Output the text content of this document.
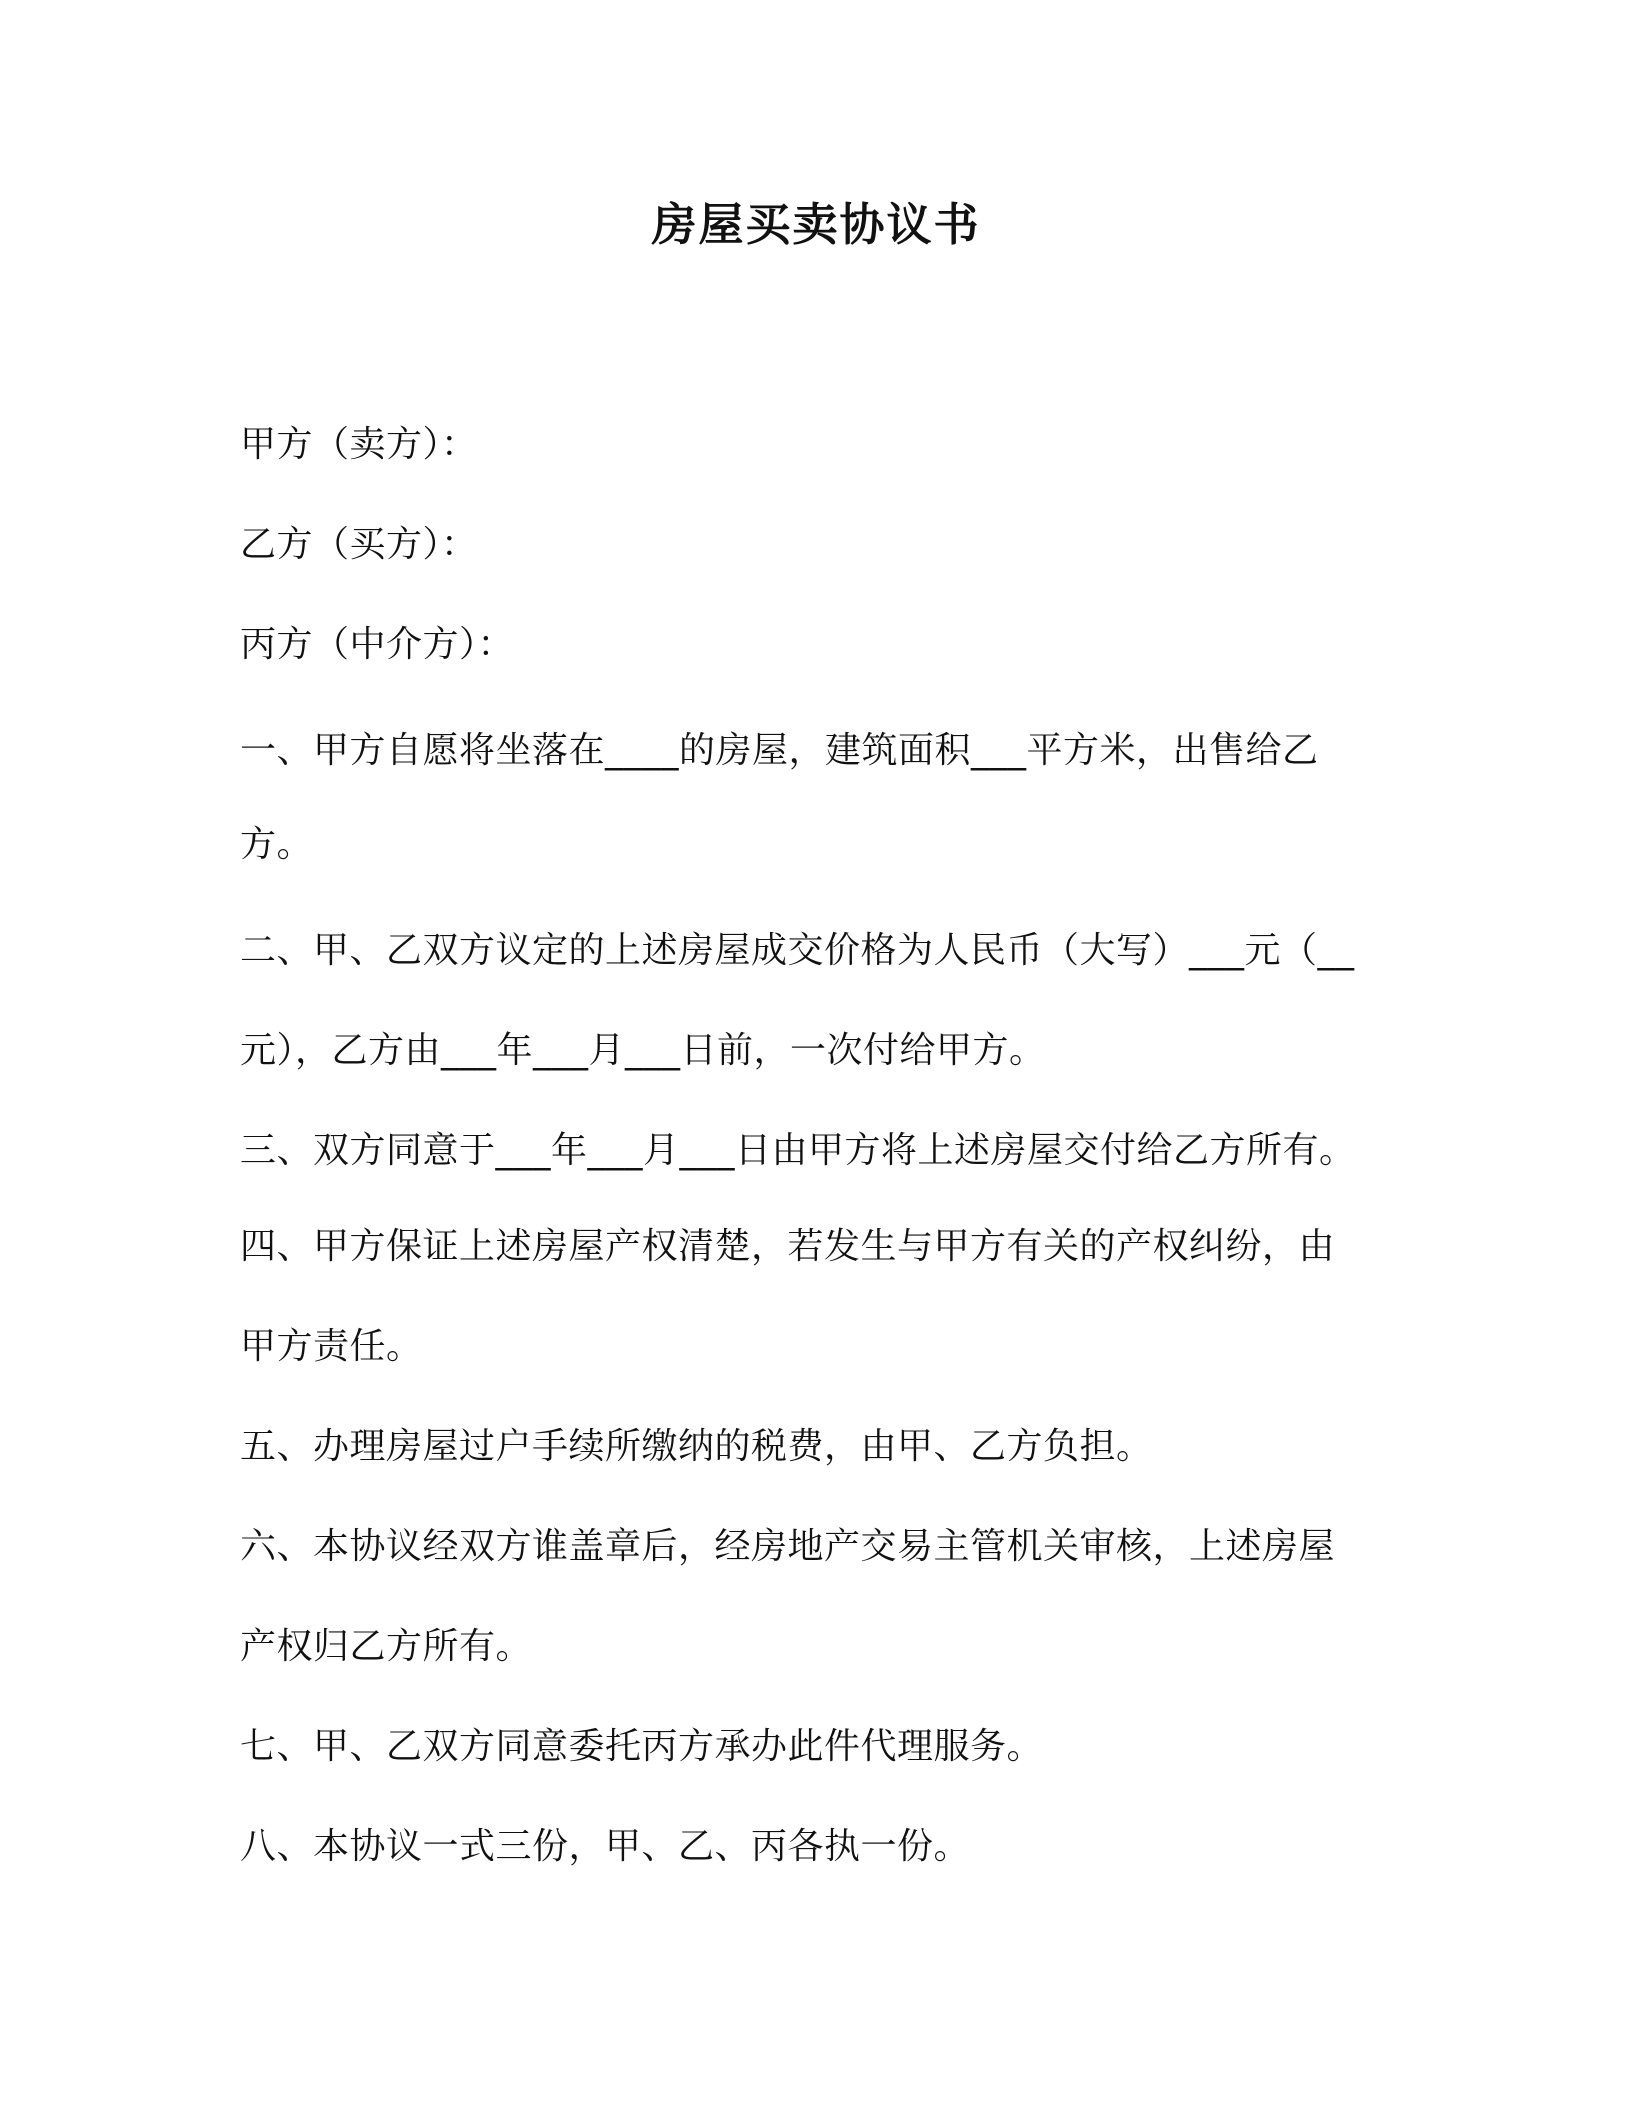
房屋买卖协议书
甲方（卖方）：
乙方（买方）：
丙方（中介方）：
一、甲方自愿将坐落在____的房屋，建筑面积___平方米，出售给乙
方。
二、甲、乙双方议定的上述房屋成交价格为人民币（大写）___元（__
元），乙方由___年___月___日前，一次付给甲方。
三、双方同意于___年___月___日由甲方将上述房屋交付给乙方所有。
四、甲方保证上述房屋产权清楚，若发生与甲方有关的产权纠纷，由
甲方责任。
五、办理房屋过户手续所缴纳的税费，由甲、乙方负担。
六、本协议经双方谁盖章后，经房地产交易主管机关审核，上述房屋
产权归乙方所有。
七、甲、乙双方同意委托丙方承办此件代理服务。
八、本协议一式三份，甲、乙、丙各执一份。
